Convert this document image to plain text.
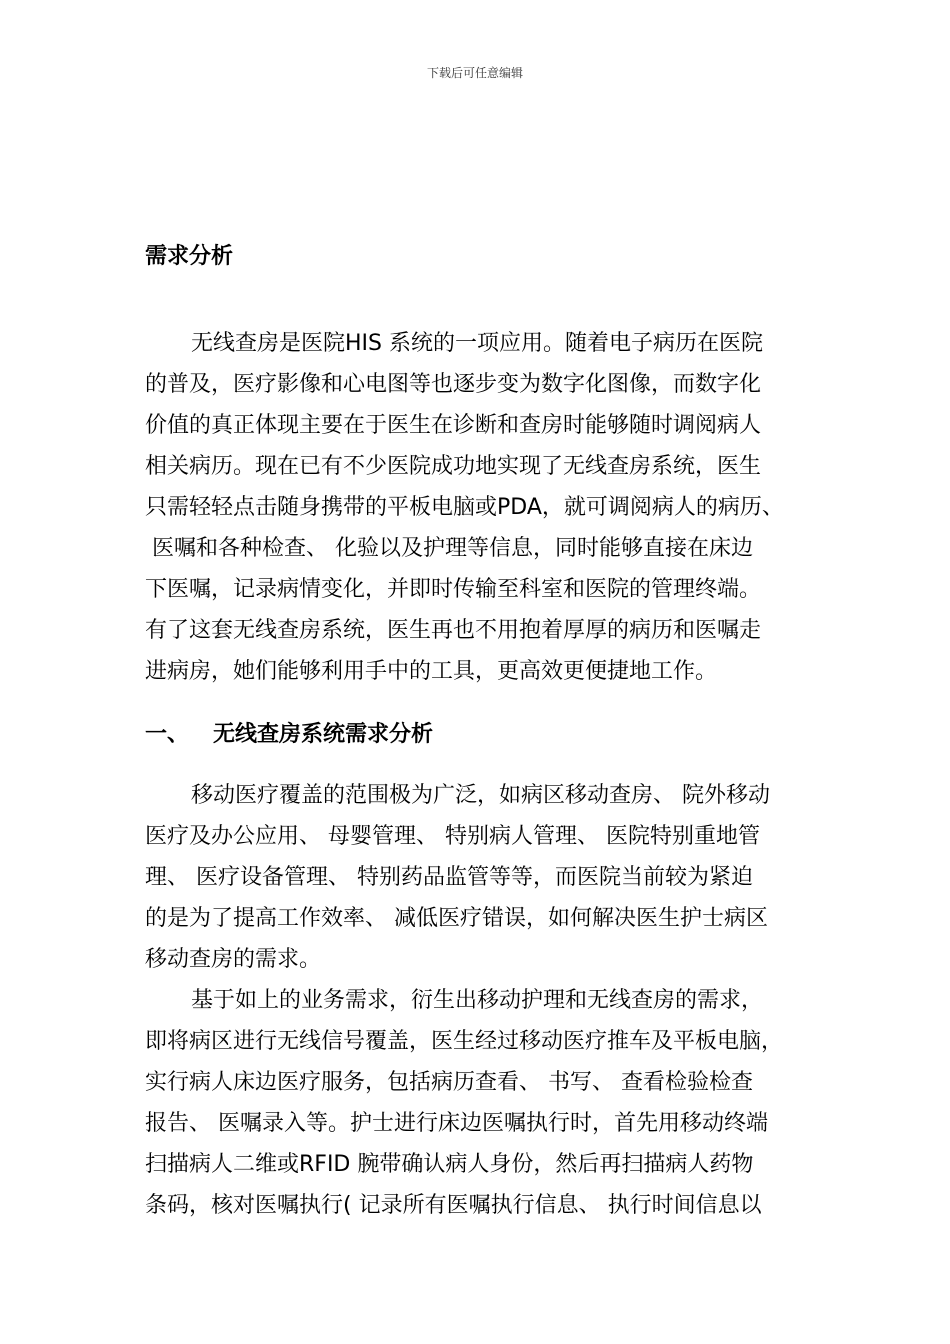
下载后可任意编辑
需求分析
无线查房是医院HIS 系统的一项应用。随着电子病历在医院
的普及，医疗影像和心电图等也逐步变为数字化图像，而数字化
价值的真正体现主要在于医生在诊断和查房时能够随时调阅病人
相关病历。现在已有不少医院成功地实现了无线查房系统，医生
只需轻轻点击随身携带的平板电脑或PDA，就可调阅病人的病历、
医嘱和各种检查、 化验以及护理等信息，同时能够直接在床边
下医嘱，记录病情变化，并即时传输至科室和医院的管理终端。
有了这套无线查房系统，医生再也不用抱着厚厚的病历和医嘱走
进病房，她们能够利用手中的工具，更高效更便捷地工作。
一、 无线查房系统需求分析
移动医疗覆盖的范围极为广泛，如病区移动查房、 院外移动
医疗及办公应用、 母婴管理、 特别病人管理、 医院特别重地管
理、 医疗设备管理、 特别药品监管等等，而医院当前较为紧迫
的是为了提高工作效率、 减低医疗错误，如何解决医生护士病区
移动查房的需求。
基于如上的业务需求，衍生出移动护理和无线查房的需求，
即将病区进行无线信号覆盖，医生经过移动医疗推车及平板电脑，
实行病人床边医疗服务，包括病历查看、 书写、 查看检验检查
报告、 医嘱录入等。护士进行床边医嘱执行时，首先用移动终端
扫描病人二维或RFID 腕带确认病人身份，然后再扫描病人药物
条码，核对医嘱执行( 记录所有医嘱执行信息、 执行时间信息以
